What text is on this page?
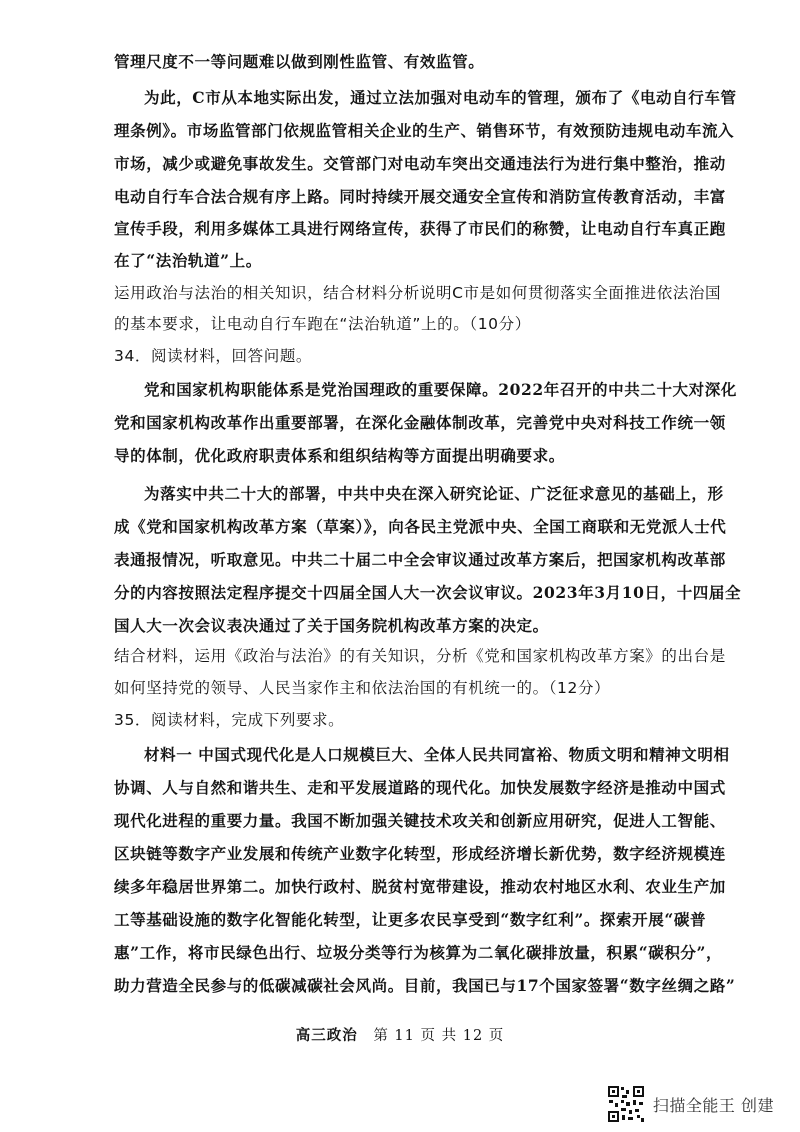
管理尺度不一等问题难以做到刚性监管、有效监管。
为此，C市从本地实际出发，通过立法加强对电动车的管理，颁布了《电动自行车管
理条例》。市场监管部门依规监管相关企业的生产、销售环节，有效预防违规电动车流入
市场，减少或避免事故发生。交管部门对电动车突出交通违法行为进行集中整治，推动
电动自行车合法合规有序上路。同时持续开展交通安全宣传和消防宣传教育活动，丰富
宣传手段，利用多媒体工具进行网络宣传，获得了市民们的称赞，让电动自行车真正跑
在了“法治轨道”上。
运用政治与法治的相关知识，结合材料分析说明C市是如何贯彻落实全面推进依法治国
的基本要求，让电动自行车跑在“法治轨道”上的。（10分）
34．阅读材料，回答问题。
党和国家机构职能体系是党治国理政的重要保障。2022年召开的中共二十大对深化
党和国家机构改革作出重要部署，在深化金融体制改革，完善党中央对科技工作统一领
导的体制，优化政府职责体系和组织结构等方面提出明确要求。
为落实中共二十大的部署，中共中央在深入研究论证、广泛征求意见的基础上，形
成《党和国家机构改革方案（草案）》，向各民主党派中央、全国工商联和无党派人士代
表通报情况，听取意见。中共二十届二中全会审议通过改革方案后，把国家机构改革部
分的内容按照法定程序提交十四届全国人大一次会议审议。2023年3月10日，十四届全
国人大一次会议表决通过了关于国务院机构改革方案的决定。
结合材料，运用《政治与法治》的有关知识，分析《党和国家机构改革方案》的出台是
如何坚持党的领导、人民当家作主和依法治国的有机统一的。（12分）
35．阅读材料，完成下列要求。
材料一 中国式现代化是人口规模巨大、全体人民共同富裕、物质文明和精神文明相
协调、人与自然和谐共生、走和平发展道路的现代化。加快发展数字经济是推动中国式
现代化进程的重要力量。我国不断加强关键技术攻关和创新应用研究，促进人工智能、
区块链等数字产业发展和传统产业数字化转型，形成经济增长新优势，数字经济规模连
续多年稳居世界第二。加快行政村、脱贫村宽带建设，推动农村地区水利、农业生产加
工等基础设施的数字化智能化转型，让更多农民享受到“数字红利”。探索开展“碳普
惠”工作，将市民绿色出行、垃圾分类等行为核算为二氧化碳排放量，积累“碳积分”，
助力营造全民参与的低碳减碳社会风尚。目前，我国已与17个国家签署“数字丝绸之路”
高三政治 第 11 页 共 12 页
扫描全能王 创建
